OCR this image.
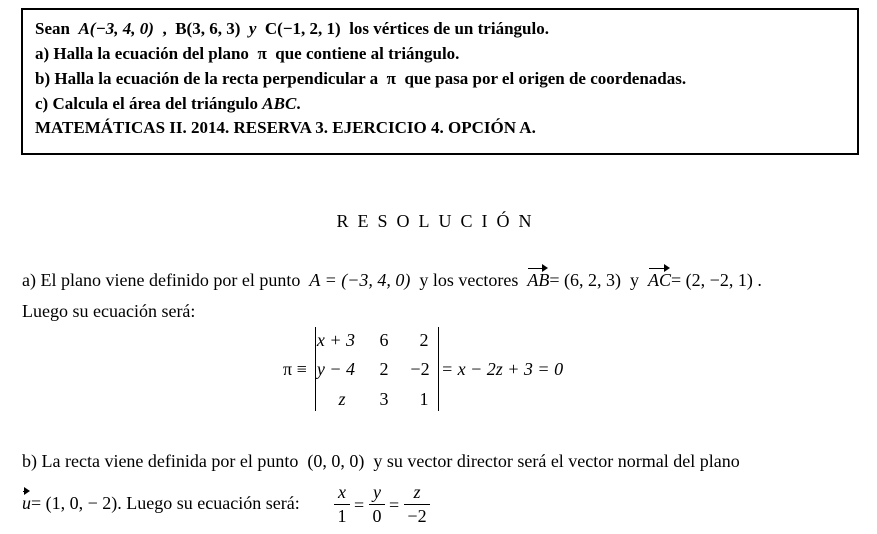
Sean A(−3, 4, 0)  ,  B(3, 6, 3) y C(−1, 2, 1) los vértices de un triángulo.
a) Halla la ecuación del plano π que contiene al triángulo.
b) Halla la ecuación de la recta perpendicular a π que pasa por el origen de coordenadas.
c) Calcula el área del triángulo ABC.
MATEMÁTICAS II. 2014. RESERVA 3. EJERCICIO 4. OPCIÓN A.
RESOLUCIÓN
a) El plano viene definido por el punto A = (−3, 4, 0) y los vectores AB= (6, 2, 3) y AC= (2, −2, 1) .
Luego su ecuación será:
π ≡
x + 3	6	2
y − 4	2	−2
z	3	1
= x − 2z + 3 = 0
b) La recta viene definida por el punto (0, 0, 0) y su vector director será el vector normal del plano
u= (1, 0, − 2). Luego su ecuación será:
x
1
=
y
0
=
z
−2
